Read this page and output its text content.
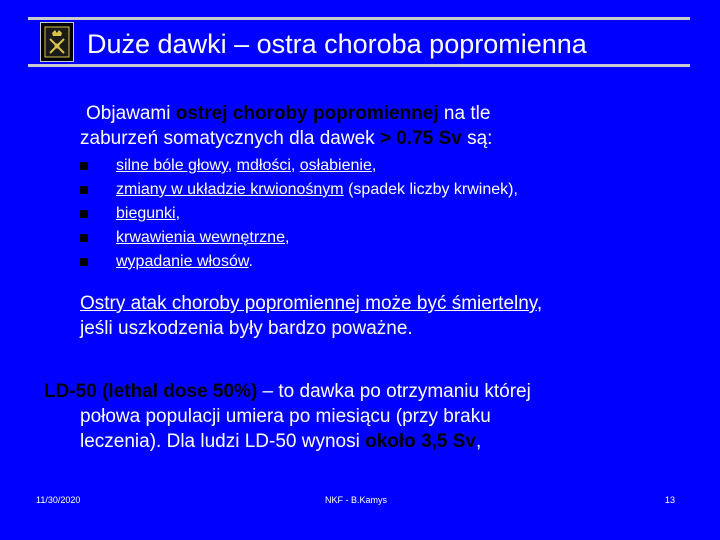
Duże dawki – ostra choroba popromienna
Objawami ostrej choroby popromiennej na tle
zaburzeń somatycznych dla dawek > 0.75 Sv są:
silne bóle głowy, mdłości, osłabienie,
zmiany w układzie krwionośnym (spadek liczby krwinek),
biegunki,
krwawienia wewnętrzne,
wypadanie włosów.
Ostry atak choroby popromiennej może być śmiertelny,
jeśli uszkodzenia były bardzo poważne.
LD-50 (lethal dose 50%) – to dawka po otrzymaniu której
połowa populacji umiera po miesiącu (przy braku
leczenia). Dla ludzi LD-50 wynosi około 3,5 Sv,
11/30/2020	NKF - B.Kamys	13
